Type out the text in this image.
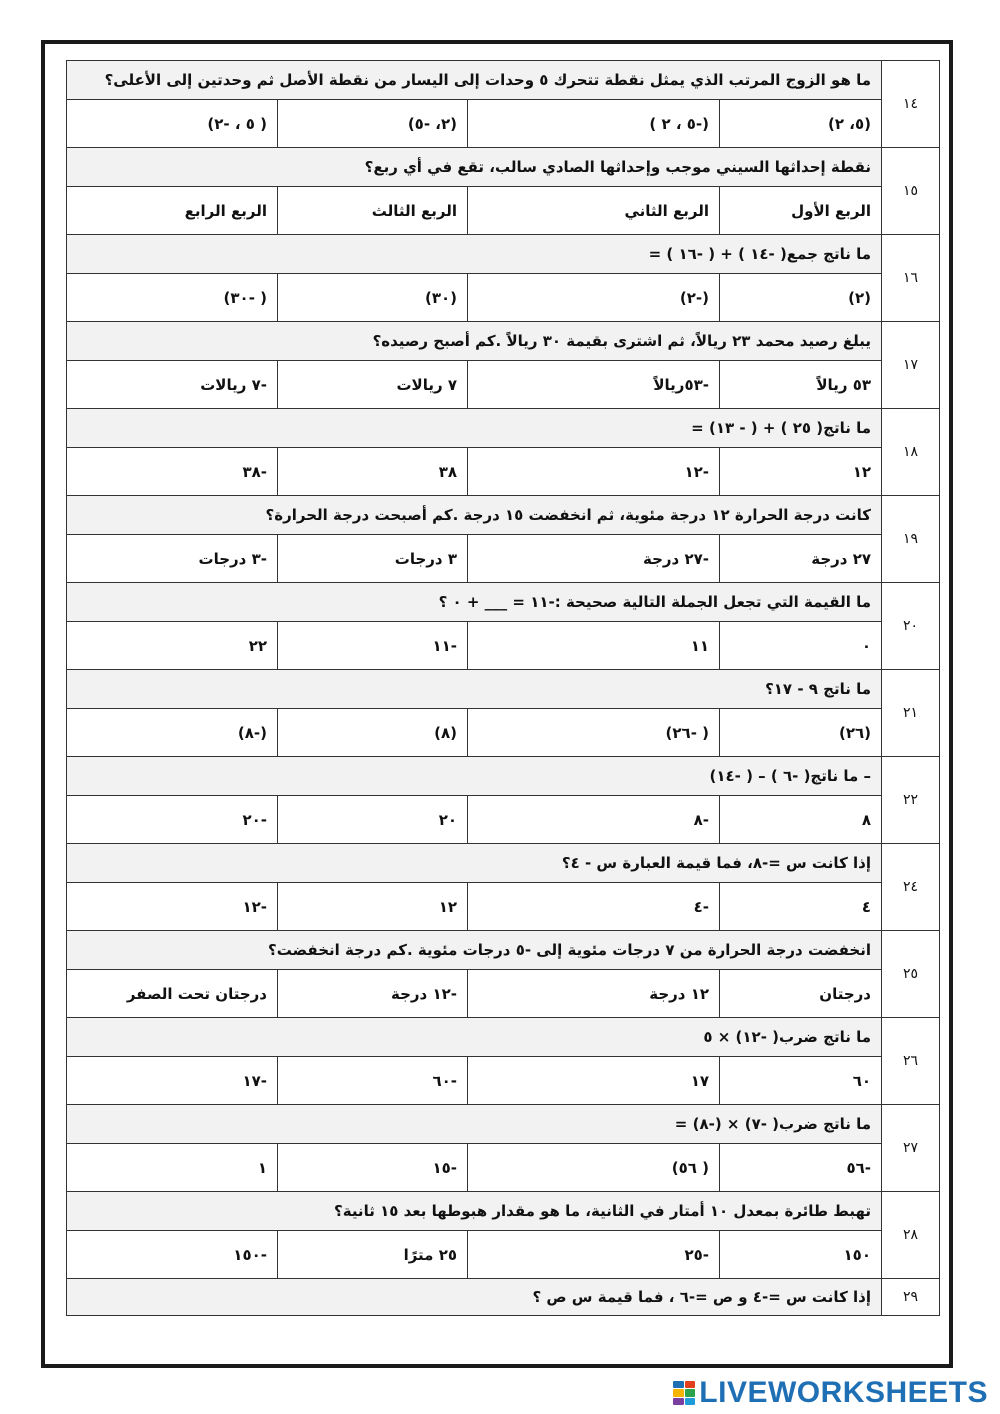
١٤	ما هو الزوج المرتب الذي يمثل نقطة تتحرك ٥ وحدات إلى اليسار من نقطة الأصل ثم وحدتين إلى الأعلى؟			
	(٥، ٢)	(-٥ ، ٢ )	(٢، -٥)	( ٥ ، -٢)
١٥	نقطة إحداثها السيني موجب وإحداثها الصادي سالب، تقع في أي ربع؟			
	الربع الأول	الربع الثاني	الربع الثالث	الربع الرابع
١٦	ما ناتج جمع( -١٤ ) + ( -١٦ ) =			
	(٢)	(-٢)	(٣٠)	( -٣٠)
١٧	يبلغ رصيد محمد ٢٣ ريالاً، ثم اشترى بقيمة ٣٠ ريالاً .كم أصبح رصيده؟			
	٥٣ ريالاً	-٥٣ريالاً	٧ ريالات	-٧ ريالات
١٨	ما ناتج( ٢٥ ) + ( - ١٣) =			
	١٢	-١٢	٣٨	-٣٨
١٩	كانت درجة الحرارة ١٢ درجة مئوية، ثم انخفضت ١٥ درجة .كم أصبحت درجة الحرارة؟			
	٢٧ درجة	-٢٧ درجة	٣ درجات	-٣ درجات
٢٠	ما القيمة التي تجعل الجملة التالية صحيحة :-١١ = ___ + ٠ ؟			
	٠	١١	-١١	٢٢
٢١	ما ناتج ٩ - ١٧؟			
	(٢٦)	( -٢٦)	(٨)	(-٨)
٢٢	– ما ناتج( -٦ ) – ( -١٤)			
	٨	-٨	٢٠	-٢٠
٢٤	إذا كانت س =-٨، فما قيمة العبارة س - ٤؟			
	٤	-٤	١٢	-١٢
٢٥	انخفضت درجة الحرارة من ٧ درجات مئوية إلى -٥ درجات مئوية .كم درجة انخفضت؟			
	درجتان	١٢ درجة	-١٢ درجة	درجتان تحت الصفر
٢٦	ما ناتج ضرب( -١٢) × ٥			
	٦٠	١٧	-٦٠	-١٧
٢٧	ما ناتج ضرب( -٧) × (-٨) =			
	-٥٦	( ٥٦)	-١٥	١
٢٨	تهبط طائرة بمعدل ١٠ أمتار في الثانية، ما هو مقدار هبوطها بعد ١٥ ثانية؟			
	١٥٠	-٢٥	٢٥ مترًا	-١٥٠
٢٩	إذا كانت س =-٤ و ص =-٦ ، فما قيمة س ص ؟			
LIVEWORKSHEETS
